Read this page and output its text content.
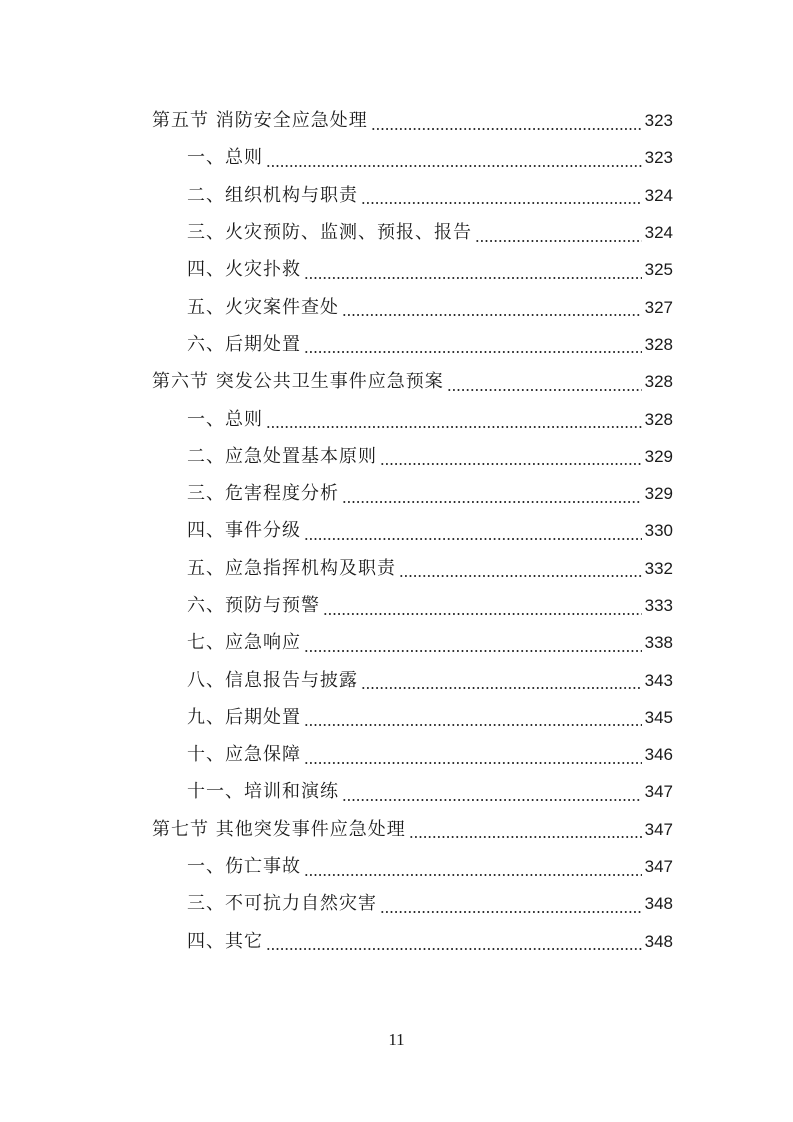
第五节 消防安全应急处理	323
一、总则	323
二、组织机构与职责	324
三、火灾预防、监测、预报、报告	324
四、火灾扑救	325
五、火灾案件查处	327
六、后期处置	328
第六节 突发公共卫生事件应急预案	328
一、总则	328
二、应急处置基本原则	329
三、危害程度分析	329
四、事件分级	330
五、应急指挥机构及职责	332
六、预防与预警	333
七、应急响应	338
八、信息报告与披露	343
九、后期处置	345
十、应急保障	346
十一、培训和演练	347
第七节 其他突发事件应急处理	347
一、伤亡事故	347
三、不可抗力自然灾害	348
四、其它	348
11
